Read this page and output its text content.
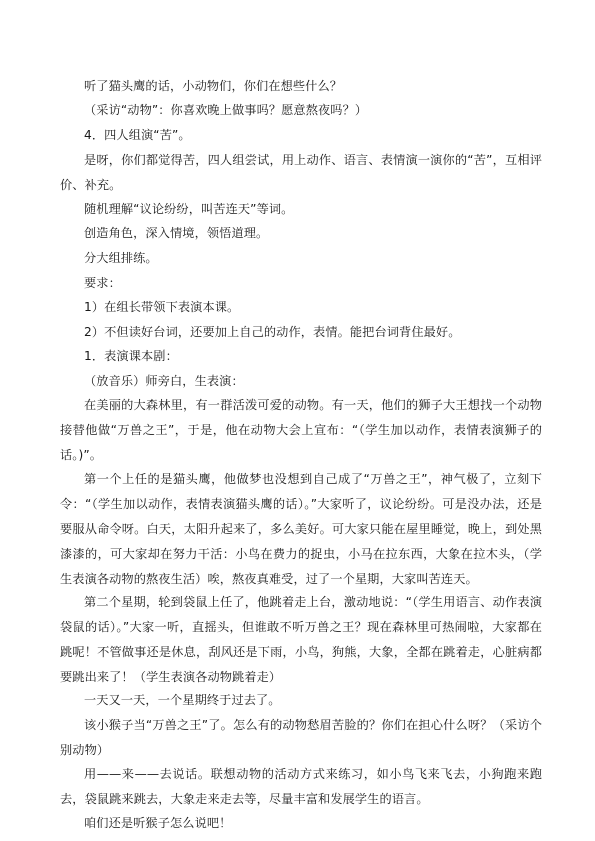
听了猫头鹰的话，小动物们，你们在想些什么？

（采访“动物”：你喜欢晚上做事吗？愿意熬夜吗？）

4．四人组演“苦”。

是呀，你们都觉得苦，四人组尝试，用上动作、语言、表情演一演你的“苦”，互相评价、补充。

随机理解“议论纷纷，叫苦连天”等词。

创造角色，深入情境，领悟道理。

分大组排练。

要求：

1）在组长带领下表演本课。

2）不但读好台词，还要加上自己的动作，表情。能把台词背住最好。

1．表演课本剧：

（放音乐）师旁白，生表演：

在美丽的大森林里，有一群活泼可爱的动物。有一天，他们的狮子大王想找一个动物接替他做“万兽之王”，于是，他在动物大会上宣布：“（学生加以动作，表情表演狮子的话。)”。

第一个上任的是猫头鹰，他做梦也没想到自己成了“万兽之王”，神气极了，立刻下令：“（学生加以动作，表情表演猫头鹰的话）。”大家听了，议论纷纷。可是没办法，还是要服从命令呀。白天，太阳升起来了，多么美好。可大家只能在屋里睡觉，晚上，到处黑漆漆的，可大家却在努力干活：小鸟在费力的捉虫，小马在拉东西，大象在拉木头，（学生表演各动物的熬夜生活）唉，熬夜真难受，过了一个星期，大家叫苦连天。

第二个星期，轮到袋鼠上任了，他跳着走上台，激动地说：“（学生用语言、动作表演袋鼠的话）。”大家一听，直摇头，但谁敢不听万兽之王？现在森林里可热闹啦，大家都在跳呢！不管做事还是休息，刮风还是下雨，小鸟，狗熊，大象，全都在跳着走，心脏病都要跳出来了！（学生表演各动物跳着走）

一天又一天，一个星期终于过去了。

该小猴子当“万兽之王”了。怎么有的动物愁眉苦脸的？你们在担心什么呀？（采访个别动物）

用——来——去说话。联想动物的活动方式来练习，如小鸟飞来飞去，小狗跑来跑去，袋鼠跳来跳去，大象走来走去等，尽量丰富和发展学生的语言。

咱们还是听猴子怎么说吧！
